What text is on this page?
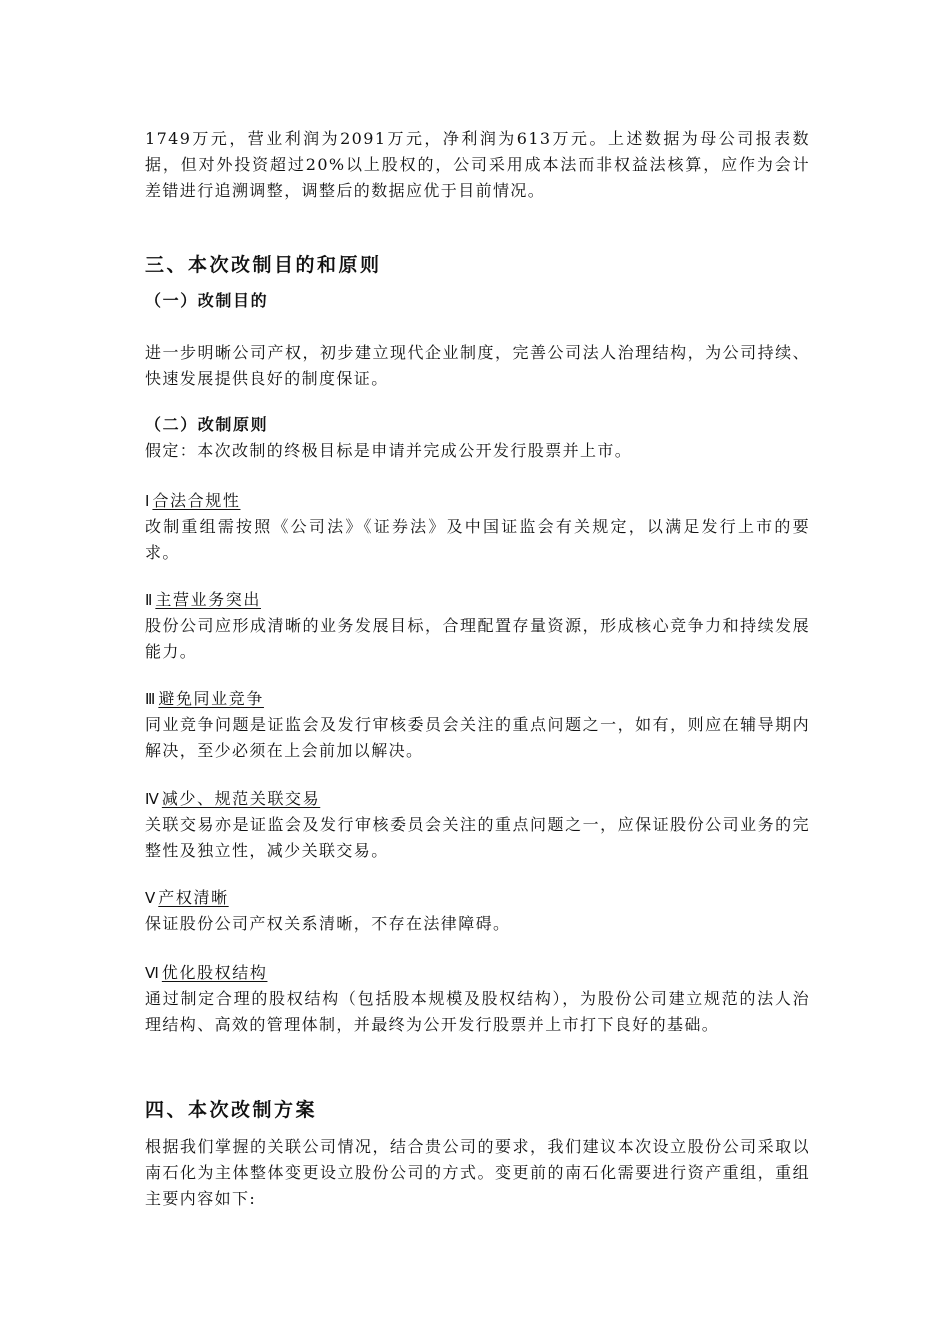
1749万元，营业利润为2091万元，净利润为613万元。上述数据为母公司报表数据，但对外投资超过20%以上股权的，公司采用成本法而非权益法核算，应作为会计差错进行追溯调整，调整后的数据应优于目前情况。

三、本次改制目的和原则
（一）改制目的

进一步明晰公司产权，初步建立现代企业制度，完善公司法人治理结构，为公司持续、快速发展提供良好的制度保证。

（二）改制原则

假定：本次改制的终极目标是申请并完成公开发行股票并上市。

Ⅰ 合法合规性

改制重组需按照《公司法》《证券法》及中国证监会有关规定，以满足发行上市的要求。

Ⅱ 主营业务突出

股份公司应形成清晰的业务发展目标，合理配置存量资源，形成核心竞争力和持续发展能力。

Ⅲ 避免同业竞争

同业竞争问题是证监会及发行审核委员会关注的重点问题之一，如有，则应在辅导期内解决，至少必须在上会前加以解决。

Ⅳ 减少、规范关联交易

关联交易亦是证监会及发行审核委员会关注的重点问题之一，应保证股份公司业务的完整性及独立性，减少关联交易。

Ⅴ 产权清晰

保证股份公司产权关系清晰，不存在法律障碍。

Ⅵ 优化股权结构

通过制定合理的股权结构（包括股本规模及股权结构），为股份公司建立规范的法人治理结构、高效的管理体制，并最终为公开发行股票并上市打下良好的基础。

四、本次改制方案

根据我们掌握的关联公司情况，结合贵公司的要求，我们建议本次设立股份公司采取以南石化为主体整体变更设立股份公司的方式。变更前的南石化需要进行资产重组，重组主要内容如下:
